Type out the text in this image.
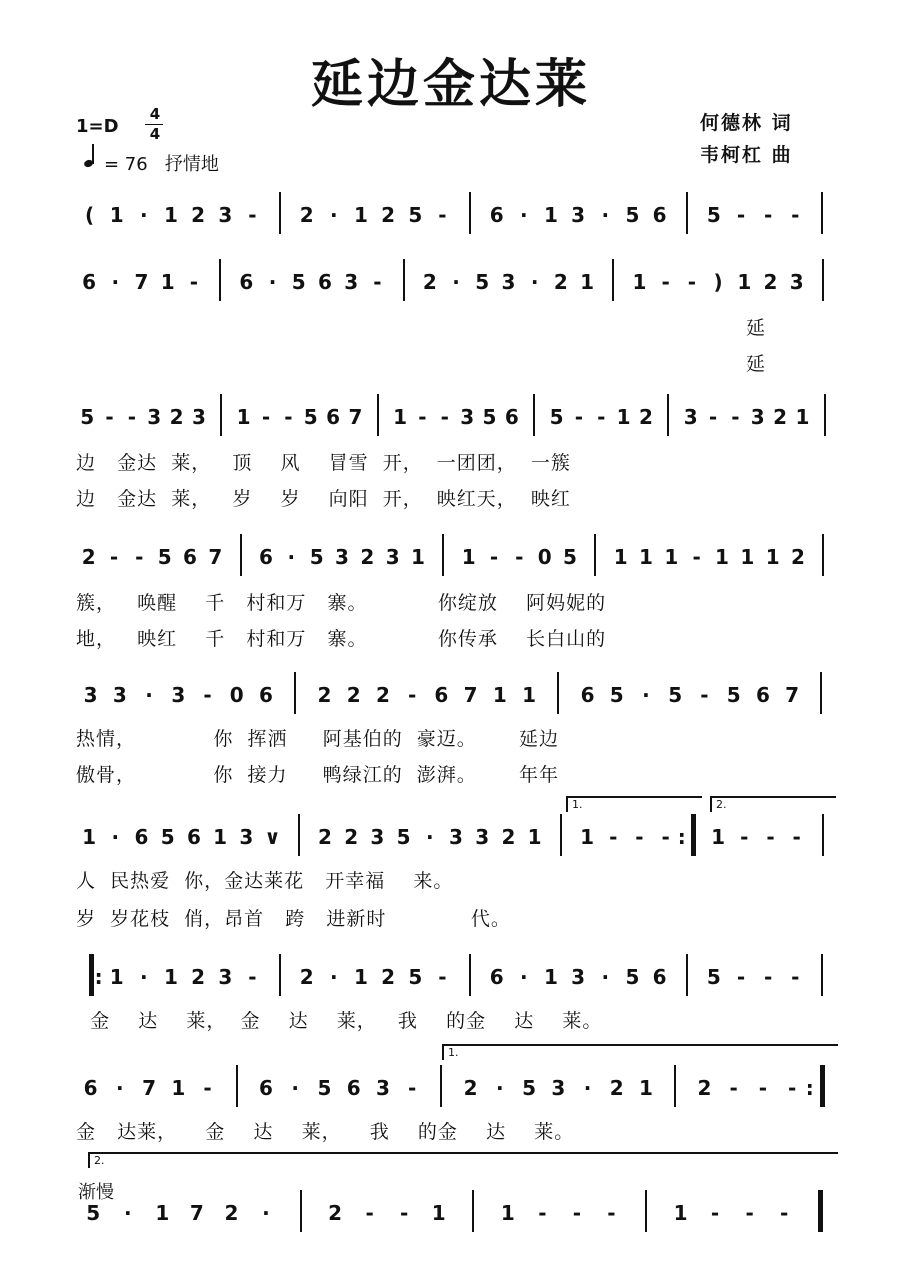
延边金达莱
1=D
4
4
= 76 抒情地
何德林 词
韦柯杠 曲
( 1 · 1 2 3 -	2 · 1 2 5 -	6 · 1 3 · 5 6	5 - - -
6 · 7 1 -	6 · 5 6 3 -	2 · 5 3 · 2 1	1 - - ) 1 2 3
延
延
5 - - 3 2 3 1 - - 5 6 7 1 - - 3 5 6 5 - - 1 2 3 - - 3 2 1
边   金达  莱，   顶    风    冒雪  开，  一团团，  一簇
边   金达  莱，   岁    岁    向阳  开，  映红天，  映红
2 - - 5 6 7 6 · 5 3 2 3 1 1 - - 0 5 1 1 1 - 1 1 1 2
簇，   唤醒    千   村和万   寨。          你绽放    阿妈妮的
地，   映红    千   村和万   寨。          你传承    长白山的
3 3 · 3 - 0 6	2 2 2 - 6 7 1 1	6 5 · 5 - 5 6 7
热情，           你  挥洒     阿基伯的  豪迈。      延边
傲骨，           你  接力     鸭绿江的  澎湃。      年年
1.	2.
1 · 6 5 6 1 3 ∨	2 2 3 5 · 3 3 2 1	1 - - - :	1 - - -
人  民热爱  你，金达莱花   开幸福    来。
岁  岁花枝  俏，昂首   跨   进新时            代。
: 1 · 1 2 3 -	2 · 1 2 5 -	6 · 1 3 · 5 6	5 - - -
金    达    莱，  金    达    莱，   我    的金    达    莱。
1.
6 · 7 1 -	6 · 5 6 3 -	2 · 5 3 · 2 1	2 -	-	- :
金   达莱，    金    达    莱，    我    的金    达    莱。
2.
渐慢
5	·	1	7	2	·	2	-	-	1	1	-	-	-	1	-	-	-
